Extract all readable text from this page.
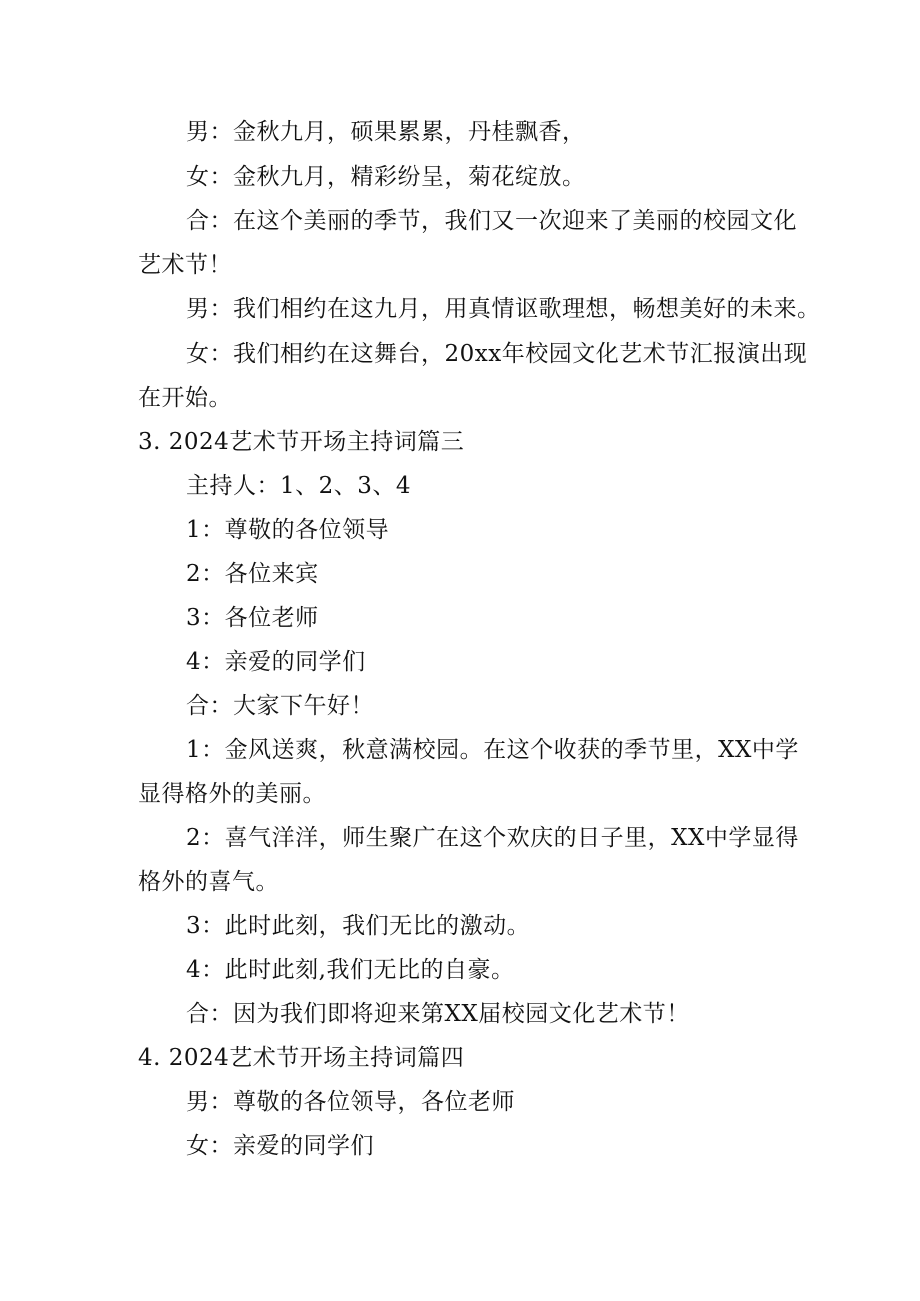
男：金秋九月，硕果累累，丹桂飘香，
女：金秋九月，精彩纷呈，菊花绽放。
合：在这个美丽的季节，我们又一次迎来了美丽的校园文化
艺术节！
男：我们相约在这九月，用真情讴歌理想，畅想美好的未来。
女：我们相约在这舞台，20xx年校园文化艺术节汇报演出现
在开始。
3. 2024艺术节开场主持词篇三
主持人：1、2、3、4
1：尊敬的各位领导
2：各位来宾
3：各位老师
4：亲爱的同学们
合：大家下午好！
1：金风送爽，秋意满校园。在这个收获的季节里，XX中学
显得格外的美丽。
2：喜气洋洋，师生聚广在这个欢庆的日子里，XX中学显得
格外的喜气。
3：此时此刻，我们无比的激动。
4：此时此刻,我们无比的自豪。
合：因为我们即将迎来第XX届校园文化艺术节！
4. 2024艺术节开场主持词篇四
男：尊敬的各位领导，各位老师
女：亲爱的同学们
